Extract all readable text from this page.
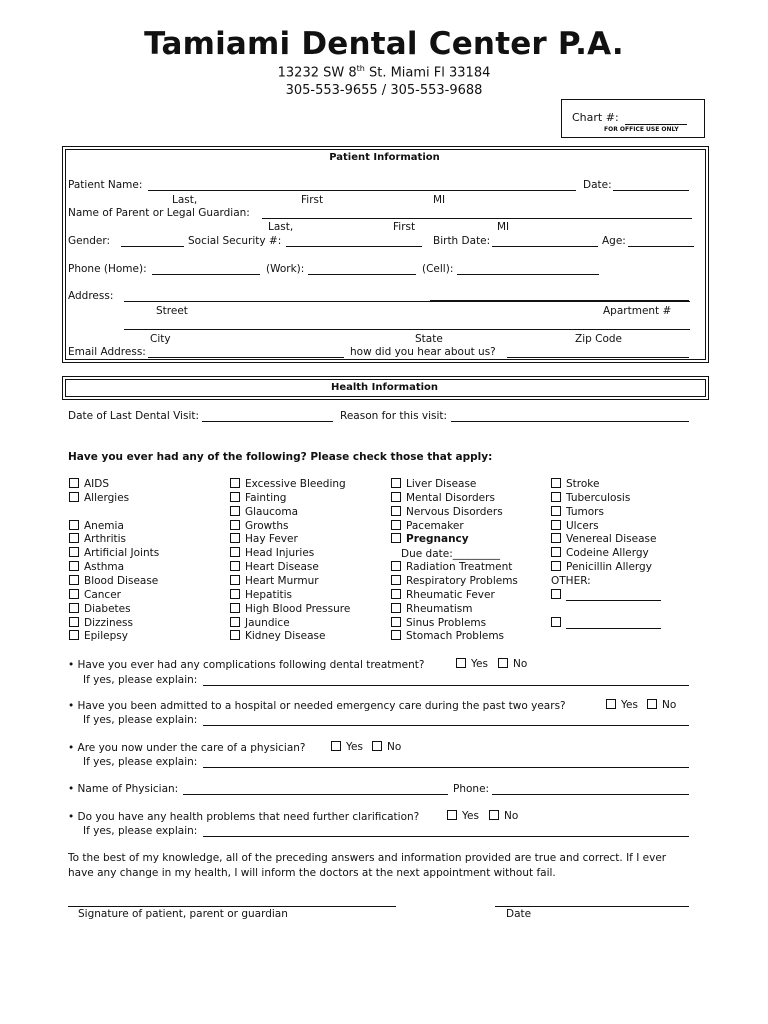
Tamiami Dental Center P.A.
13232 SW 8th St. Miami Fl 33184
305-553-9655 / 305-553-9688
Chart #:
FOR OFFICE USE ONLY
Patient Information
Patient Name:	Date:
Last,	First	MI
Name of Parent or Legal Guardian:
Last,	First	MI
Gender:	Social Security #:	Birth Date:	Age:
Phone (Home):	(Work):	(Cell):
Address:
Street	Apartment #
City	State	Zip Code
Email Address:	how did you hear about us?
Health Information
Date of Last Dental Visit:	Reason for this visit:
Have you ever had any of the following? Please check those that apply:
AIDS
Allergies
Anemia
Arthritis
Artificial Joints
Asthma
Blood Disease
Cancer
Diabetes
Dizziness
Epilepsy
Excessive Bleeding
Fainting
Glaucoma
Growths
Hay Fever
Head Injuries
Heart Disease
Heart Murmur
Hepatitis
High Blood Pressure
Jaundice
Kidney Disease
Liver Disease
Mental Disorders
Nervous Disorders
Pacemaker
Pregnancy
Radiation Treatment
Respiratory Problems
Rheumatic Fever
Rheumatism
Sinus Problems
Stomach Problems
Stroke
Tuberculosis
Tumors
Ulcers
Venereal Disease
Codeine Allergy
Penicillin Allergy
Due date:_________
OTHER:
• Have you ever had any complications following dental treatment?	Yes	No
If yes, please explain:
• Have you been admitted to a hospital or needed emergency care during the past two years?	Yes	No
If yes, please explain:
• Are you now under the care of a physician?	Yes	No
If yes, please explain:
• Name of Physician:	Phone:
• Do you have any health problems that need further clarification?	Yes	No
If yes, please explain:
To the best of my knowledge, all of the preceding answers and information provided are true and correct. If I ever
have any change in my health, I will inform the doctors at the next appointment without fail.
Signature of patient, parent or guardian	Date
